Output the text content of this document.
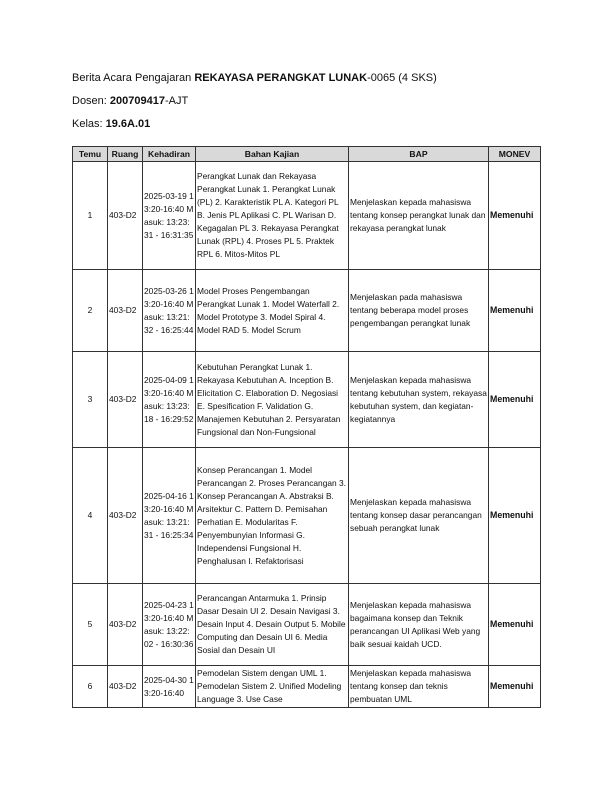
Berita Acara Pengajaran REKAYASA PERANGKAT LUNAK-0065 (4 SKS)
Dosen: 200709417-AJT
Kelas: 19.6A.01
Temu	Ruang	Kehadiran	Bahan Kajian	BAP	MONEV
1	403-D2	2025-03-19 13:20-16:40 Masuk: 13:23:31 - 16:31:35	Perangkat Lunak dan Rekayasa Perangkat Lunak 1. Perangkat Lunak (PL) 2. Karakteristik PL A. Kategori PL B. Jenis PL Aplikasi C. PL Warisan D. Kegagalan PL 3. Rekayasa Perangkat Lunak (RPL) 4. Proses PL 5. Praktek RPL 6. Mitos-Mitos PL	Menjelaskan kepada mahasiswa tentang konsep perangkat lunak dan rekayasa perangkat lunak	Memenuhi
2	403-D2	2025-03-26 13:20-16:40 Masuk: 13:21:32 - 16:25:44	Model Proses Pengembangan Perangkat Lunak 1. Model Waterfall 2. Model Prototype 3. Model Spiral 4. Model RAD 5. Model Scrum	Menjelaskan pada mahasiswa tentang beberapa model proses pengembangan perangkat lunak	Memenuhi
3	403-D2	2025-04-09 13:20-16:40 Masuk: 13:23:18 - 16:29:52	Kebutuhan Perangkat Lunak 1. Rekayasa Kebutuhan A. Inception B. Elicitation C. Elaboration D. Negosiasi E. Spesification F. Validation G. Manajemen Kebutuhan 2. Persyaratan Fungsional dan Non-Fungsional	Menjelaskan kepada mahasiswa tentang kebutuhan system, rekayasa kebutuhan system, dan kegiatan-kegiatannya	Memenuhi
4	403-D2	2025-04-16 13:20-16:40 Masuk: 13:21:31 - 16:25:34	Konsep Perancangan 1. Model Perancangan 2. Proses Perancangan 3. Konsep Perancangan A. Abstraksi B. Arsitektur C. Pattern D. Pemisahan Perhatian E. Modularitas F. Penyembunyian Informasi G. Independensi Fungsional H. Penghalusan I. Refaktorisasi	Menjelaskan kepada mahasiswa tentang konsep dasar perancangan sebuah perangkat lunak	Memenuhi
5	403-D2	2025-04-23 13:20-16:40 Masuk: 13:22:02 - 16:30:36	Perancangan Antarmuka 1. Prinsip Dasar Desain UI 2. Desain Navigasi 3. Desain Input 4. Desain Output 5. Mobile Computing dan Desain UI 6. Media Sosial dan Desain UI	Menjelaskan kepada mahasiswa bagaimana konsep dan Teknik perancangan UI Aplikasi Web yang baik sesuai kaidah UCD.	Memenuhi
6	403-D2	2025-04-30 13:20-16:40	Pemodelan Sistem dengan UML 1. Pemodelan Sistem 2. Unified Modeling Language 3. Use Case	Menjelaskan kepada mahasiswa tentang konsep dan teknis pembuatan UML	Memenuhi
